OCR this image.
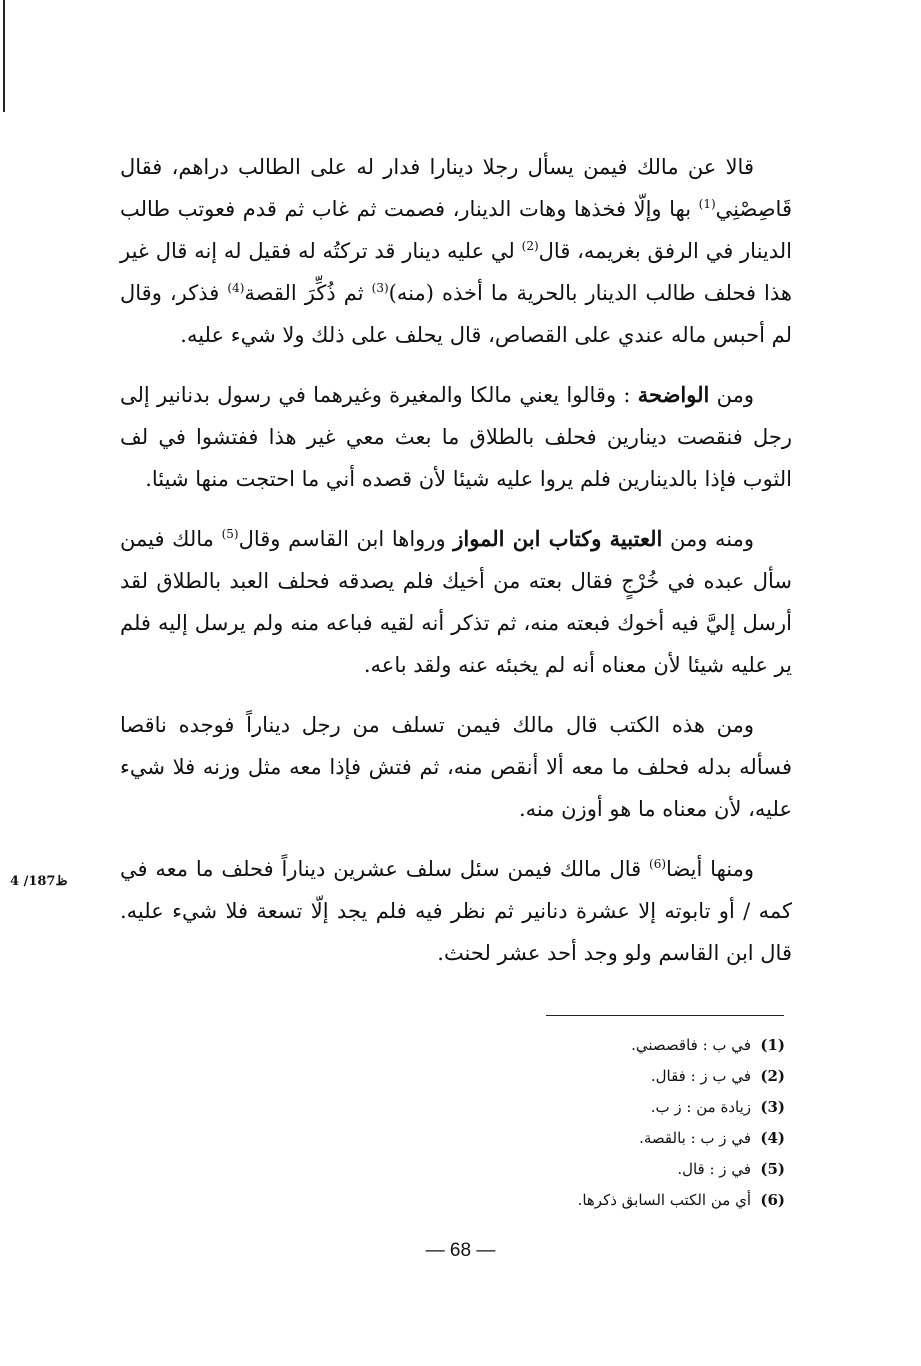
قالا عن مالك فيمن يسأل رجلا دينارا فدار له على الطالب دراهم، فقال قَاصِصْنِي$^{(1)}$ بها وإلّا فخذها وهات الدينار، فصمت ثم غاب ثم قدم فعوتب طالب الدينار في الرفق بغريمه، قال$^{(2)}$ لي عليه دينار قد تركتُه له فقيل له إنه قال غير هذا فحلف طالب الدينار بالحرية ما أخذه (منه)$^{(3)}$ ثم ذُكِّرَ القصة$^{(4)}$ فذكر، وقال لم أحبس ماله عندي على القصاص، قال يحلف على ذلك ولا شيء عليه.

ومن الواضحة : وقالوا يعني مالكا والمغيرة وغيرهما في رسول بدنانير إلى رجل فنقصت دينارين فحلف بالطلاق ما بعث معي غير هذا ففتشوا في لف الثوب فإذا بالدينارين فلم يروا عليه شيئا لأن قصده أني ما احتجت منها شيئا.

ومنه ومن العتبية وكتاب ابن المواز ورواها ابن القاسم وقال$^{(5)}$ مالك فيمن سأل عبده في خُرْجٍ فقال بعته من أخيك فلم يصدقه فحلف العبد بالطلاق لقد أرسل إليَّ فيه أخوك فبعته منه، ثم تذكر أنه لقيه فباعه منه ولم يرسل إليه فلم ير عليه شيئا لأن معناه أنه لم يخبئه عنه ولقد باعه.

ومن هذه الكتب قال مالك فيمن تسلف من رجل ديناراً فوجده ناقصا فسأله بدله فحلف ما معه ألا أنقص منه، ثم فتش فإذا معه مثل وزنه فلا شيء عليه، لأن معناه ما هو أوزن منه.

ومنها أيضا$^{(6)}$ قال مالك فيمن سئل سلف عشرين ديناراً فحلف ما معه في كمه / أو تابوته إلا عشرة دنانير ثم نظر فيه فلم يجد إلّا تسعة فلا شيء عليه. قال ابن القاسم ولو وجد أحد عشر لحنث.

4 /187ظ
(1)في ب : فاقصصني.
(2)في ب ز : فقال.
(3)زيادة من : ز ب.
(4)في ز ب : بالقصة.
(5)في ز : قال.
(6)أي من الكتب السابق ذكرها.
— 68 —
